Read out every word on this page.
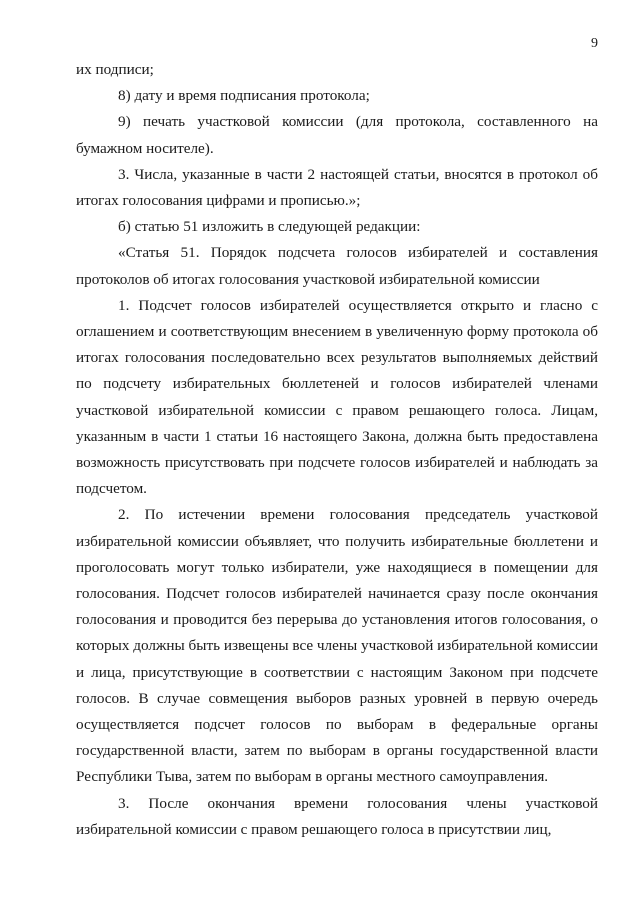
9

их подписи;

8) дату и время подписания протокола;

9) печать участковой комиссии (для протокола, составленного на бумажном носителе).

3. Числа, указанные в части 2 настоящей статьи, вносятся в протокол об итогах голосования цифрами и прописью.»;

б) статью 51 изложить в следующей редакции:

«Статья 51. Порядок подсчета голосов избирателей и составления протоколов об итогах голосования участковой избирательной комиссии

1. Подсчет голосов избирателей осуществляется открыто и гласно с оглашением и соответствующим внесением в увеличенную форму протокола об итогах голосования последовательно всех результатов выполняемых действий по подсчету избирательных бюллетеней и голосов избирателей членами участковой избирательной комиссии с правом решающего голоса. Лицам, указанным в части 1 статьи 16 настоящего Закона, должна быть предоставлена возможность присутствовать при подсчете голосов избирателей и наблюдать за подсчетом.

2. По истечении времени голосования председатель участковой избирательной комиссии объявляет, что получить избирательные бюллетени и проголосовать могут только избиратели, уже находящиеся в помещении для голосования. Подсчет голосов избирателей начинается сразу после окончания голосования и проводится без перерыва до установления итогов голосования, о которых должны быть извещены все члены участковой избирательной комиссии и лица, присутствующие в соответствии с настоящим Законом при подсчете голосов. В случае совмещения выборов разных уровней в первую очередь осуществляется подсчет голосов по выборам в федеральные органы государственной власти, затем по выборам в органы государственной власти Республики Тыва, затем по выборам в органы местного самоуправления.

3. После окончания времени голосования члены участковой избирательной комиссии с правом решающего голоса в присутствии лиц,
